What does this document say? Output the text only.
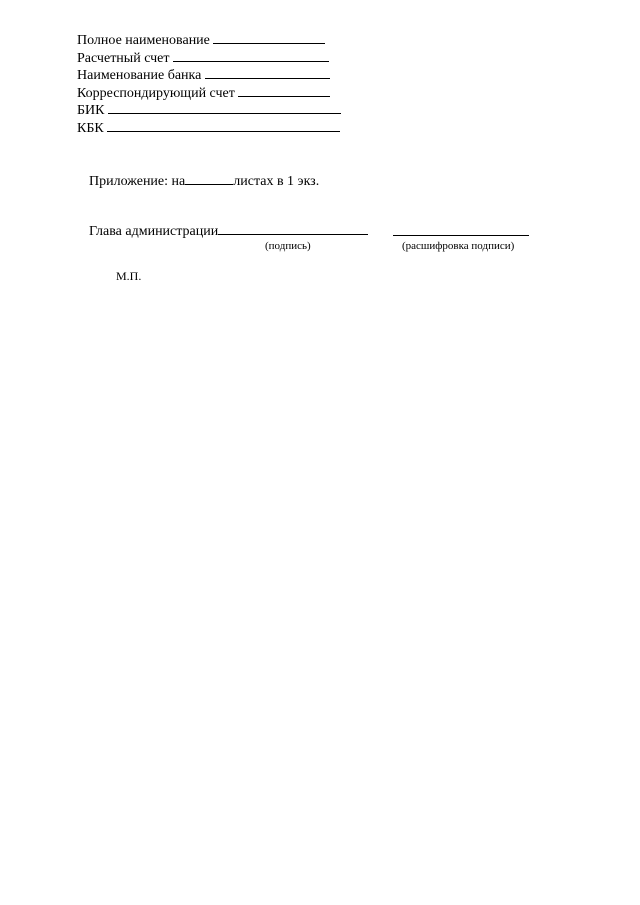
Полное наименование
Расчетный счет
Наименование банка
Корреспондирующий счет
БИК
КБК
Приложение: на	листах в 1 экз.
Глава администрации
(подпись)	(расшифровка подписи)
М.П.
